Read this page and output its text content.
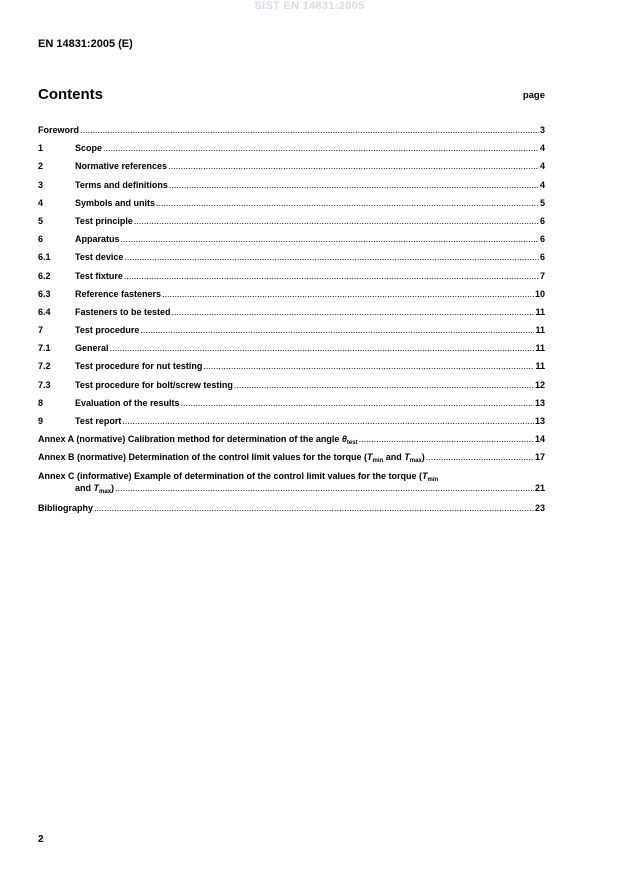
SIST EN 14831:2005
EN 14831:2005 (E)
Contents	page
Foreword .....	3
1	Scope .....	4
2	Normative references .....	4
3	Terms and definitions .....	4
4	Symbols and units .....	5
5	Test principle .....	6
6	Apparatus .....	6
6.1	Test device .....	6
6.2	Test fixture .....	7
6.3	Reference fasteners .....	10
6.4	Fasteners to be tested .....	11
7	Test procedure .....	11
7.1	General .....	11
7.2	Test procedure for nut testing .....	11
7.3	Test procedure for bolt/screw testing .....	12
8	Evaluation of the results .....	13
9	Test report .....	13
Annex A (normative) Calibration method for determination of the angle $\theta_{test}$ .....	14
Annex B (normative) Determination of the control limit values for the torque ($T_{min}$ and $T_{max}$) .....	17
Annex C (informative) Example of determination of the control limit values for the torque ($T_{min}$
and $T_{max}$) .....	21
Bibliography .....	23
2
